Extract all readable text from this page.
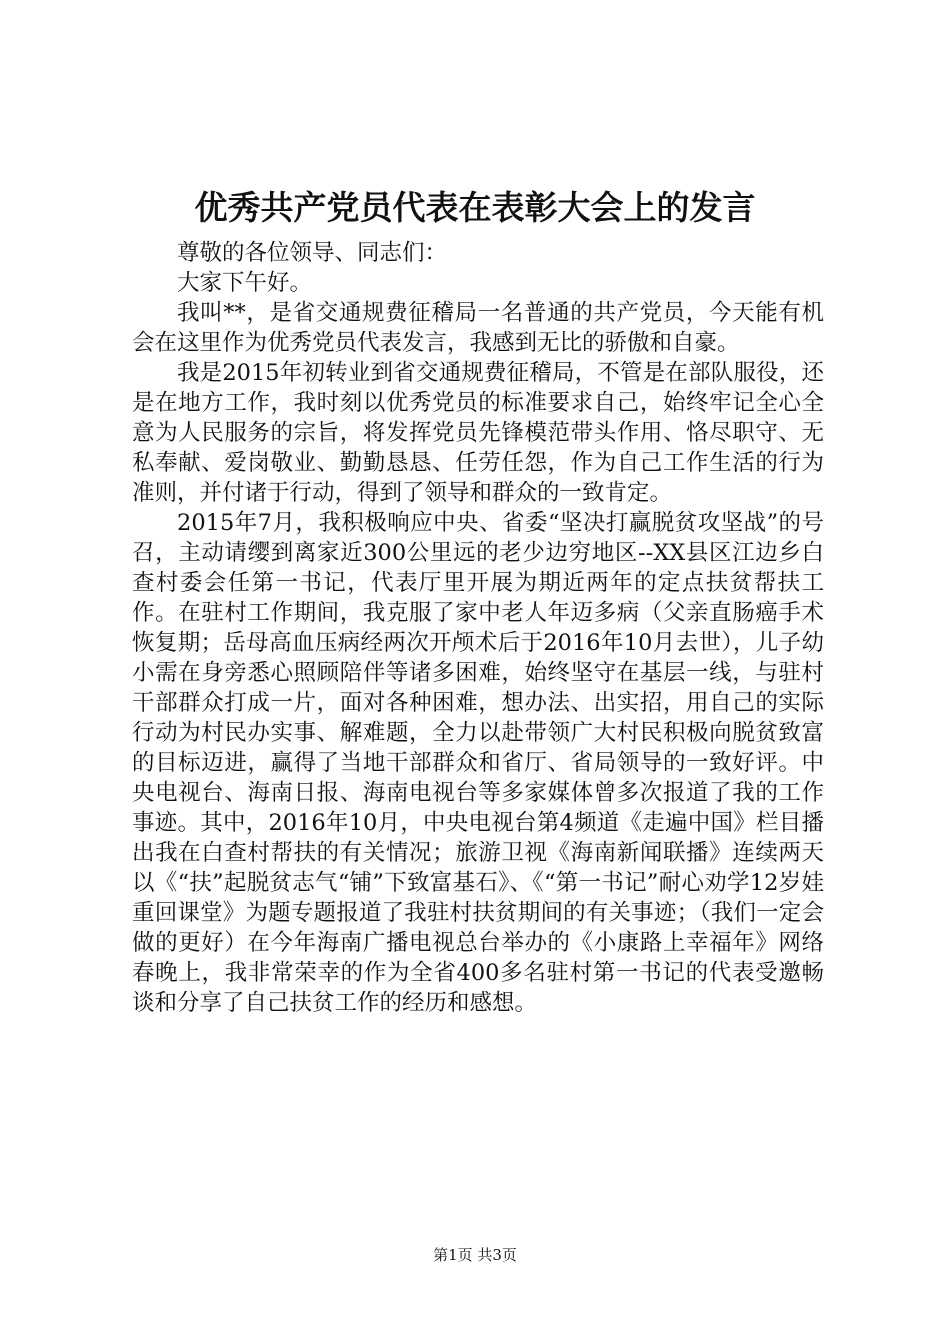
优秀共产党员代表在表彰大会上的发言

尊敬的各位领导、同志们：

大家下午好。

我叫**，是省交通规费征稽局一名普通的共产党员，今天能有机会在这里作为优秀党员代表发言，我感到无比的骄傲和自豪。

我是2015年初转业到省交通规费征稽局，不管是在部队服役，还是在地方工作，我时刻以优秀党员的标准要求自己，始终牢记全心全意为人民服务的宗旨，将发挥党员先锋模范带头作用、恪尽职守、无私奉献、爱岗敬业、勤勤恳恳、任劳任怨，作为自己工作生活的行为准则，并付诸于行动，得到了领导和群众的一致肯定。

2015年7月，我积极响应中央、省委“坚决打赢脱贫攻坚战”的号召，主动请缨到离家近300公里远的老少边穷地区--XX县区江边乡白查村委会任第一书记，代表厅里开展为期近两年的定点扶贫帮扶工作。在驻村工作期间，我克服了家中老人年迈多病（父亲直肠癌手术恢复期；岳母高血压病经两次开颅术后于2016年10月去世），儿子幼小需在身旁悉心照顾陪伴等诸多困难，始终坚守在基层一线，与驻村干部群众打成一片，面对各种困难，想办法、出实招，用自己的实际行动为村民办实事、解难题，全力以赴带领广大村民积极向脱贫致富的目标迈进，赢得了当地干部群众和省厅、省局领导的一致好评。中央电视台、海南日报、海南电视台等多家媒体曾多次报道了我的工作事迹。其中，2016年10月，中央电视台第4频道《走遍中国》栏目播出我在白查村帮扶的有关情况；旅游卫视《海南新闻联播》连续两天以《“扶”起脱贫志气“铺”下致富基石》、《“第一书记”耐心劝学12岁娃重回课堂》为题专题报道了我驻村扶贫期间的有关事迹；（我们一定会做的更好）在今年海南广播电视总台举办的《小康路上幸福年》网络春晚上，我非常荣幸的作为全省400多名驻村第一书记的代表受邀畅谈和分享了自己扶贫工作的经历和感想。

第1页 共3页
